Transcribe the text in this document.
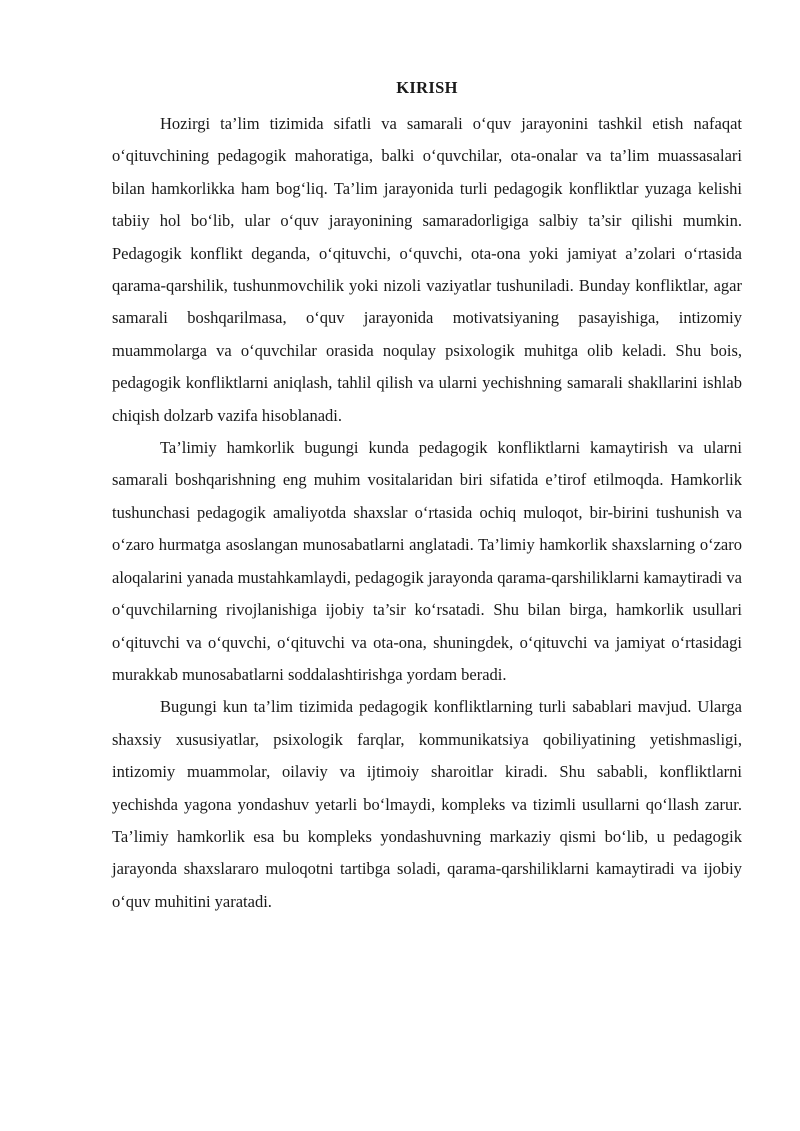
KIRISH

Hozirgi ta’lim tizimida sifatli va samarali o‘quv jarayonini tashkil etish nafaqat o‘qituvchining pedagogik mahoratiga, balki o‘quvchilar, ota-onalar va ta’lim muassasalari bilan hamkorlikka ham bog‘liq. Ta’lim jarayonida turli pedagogik konfliktlar yuzaga kelishi tabiiy hol bo‘lib, ular o‘quv jarayonining samaradorligiga salbiy ta’sir qilishi mumkin. Pedagogik konflikt deganda, o‘qituvchi, o‘quvchi, ota-ona yoki jamiyat a’zolari o‘rtasida qarama-qarshilik, tushunmovchilik yoki nizoli vaziyatlar tushuniladi. Bunday konfliktlar, agar samarali boshqarilmasa, o‘quv jarayonida motivatsiyaning pasayishiga, intizomiy muammolarga va o‘quvchilar orasida noqulay psixologik muhitga olib keladi. Shu bois, pedagogik konfliktlarni aniqlash, tahlil qilish va ularni yechishning samarali shakllarini ishlab chiqish dolzarb vazifa hisoblanadi.

Ta’limiy hamkorlik bugungi kunda pedagogik konfliktlarni kamaytirish va ularni samarali boshqarishning eng muhim vositalaridan biri sifatida e’tirof etilmoqda. Hamkorlik tushunchasi pedagogik amaliyotda shaxslar o‘rtasida ochiq muloqot, bir-birini tushunish va o‘zaro hurmatga asoslangan munosabatlarni anglatadi. Ta’limiy hamkorlik shaxslarning o‘zaro aloqalarini yanada mustahkamlaydi, pedagogik jarayonda qarama-qarshiliklarni kamaytiradi va o‘quvchilarning rivojlanishiga ijobiy ta’sir ko‘rsatadi. Shu bilan birga, hamkorlik usullari o‘qituvchi va o‘quvchi, o‘qituvchi va ota-ona, shuningdek, o‘qituvchi va jamiyat o‘rtasidagi murakkab munosabatlarni soddalashtirishga yordam beradi.

Bugungi kun ta’lim tizimida pedagogik konfliktlarning turli sabablari mavjud. Ularga shaxsiy xususiyatlar, psixologik farqlar, kommunikatsiya qobiliyatining yetishmasligi, intizomiy muammolar, oilaviy va ijtimoiy sharoitlar kiradi. Shu sababli, konfliktlarni yechishda yagona yondashuv yetarli bo‘lmaydi, kompleks va tizimli usullarni qo‘llash zarur. Ta’limiy hamkorlik esa bu kompleks yondashuvning markaziy qismi bo‘lib, u pedagogik jarayonda shaxslararo muloqotni tartibga soladi, qarama-qarshiliklarni kamaytiradi va ijobiy o‘quv muhitini yaratadi.
